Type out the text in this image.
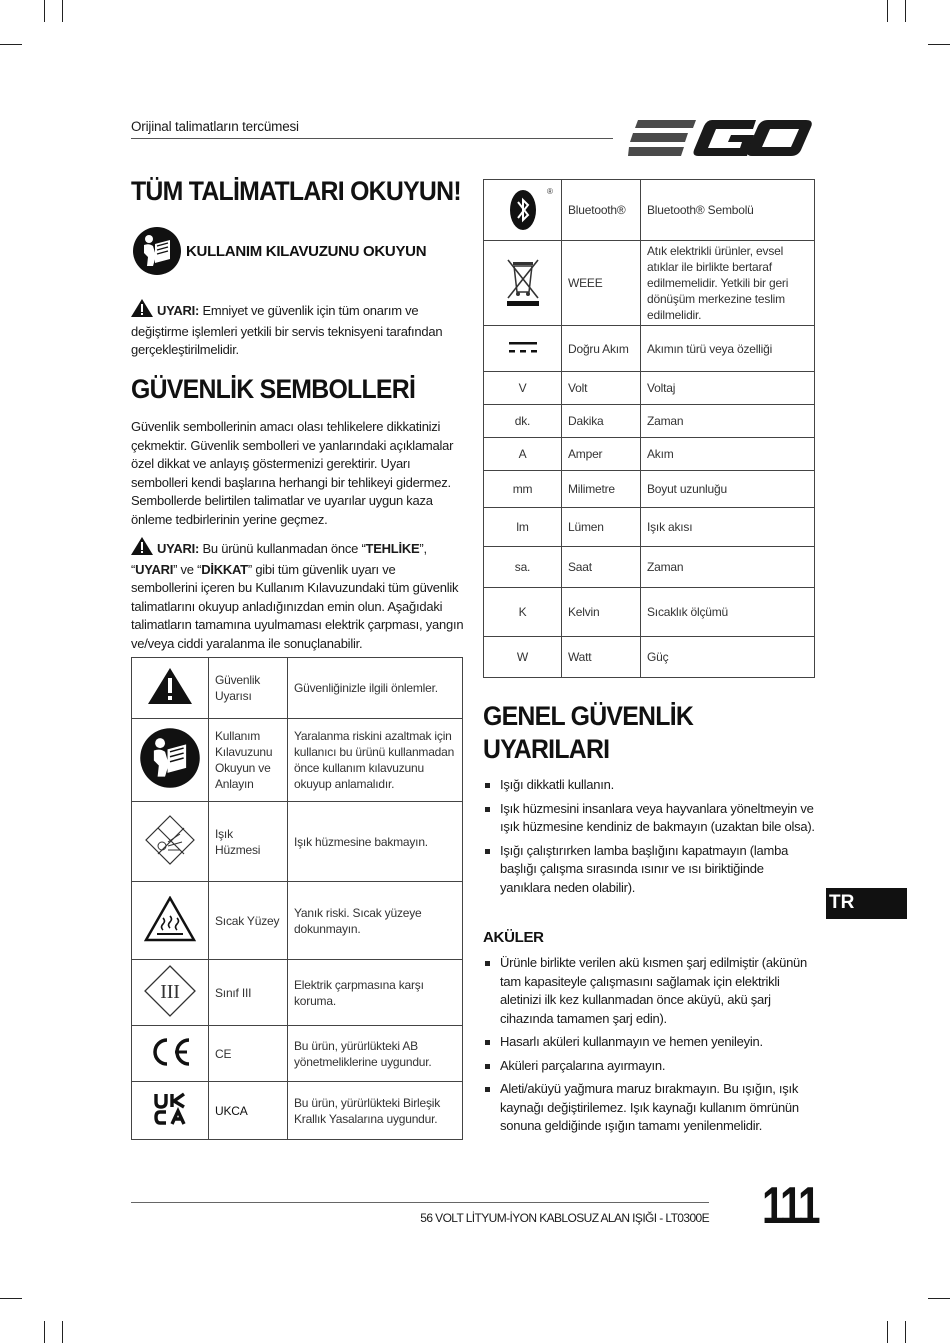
Orijinal talimatların tercümesi
TÜM TALİMATLARI OKUYUN!
KULLANIM KILAVUZUNU OKUYUN
UYARI: Emniyet ve güvenlik için tüm onarım ve değiştirme işlemleri yetkili bir servis teknisyeni tarafından gerçekleştirilmelidir.
GÜVENLİK SEMBOLLERİ
Güvenlik sembollerinin amacı olası tehlikelere dikkatinizi çekmektir. Güvenlik sembolleri ve yanlarındaki açıklamalar özel dikkat ve anlayış göstermenizi gerektirir. Uyarı sembolleri kendi başlarına herhangi bir tehlikeyi gidermez. Sembollerde belirtilen talimatlar ve uyarılar uygun kaza önleme tedbirlerinin yerine geçmez.
UYARI: Bu ürünü kullanmadan önce “TEHLİKE”, “UYARI” ve “DİKKAT” gibi tüm güvenlik uyarı ve sembollerini içeren bu Kullanım Kılavuzundaki tüm güvenlik talimatlarını okuyup anladığınızdan emin olun. Aşağıdaki talimatların tamamına uyulmaması elektrik çarpması, yangın ve/veya ciddi yaralanma ile sonuçlanabilir.
	Güvenlik Uyarısı	Güvenliğinizle ilgili önlemler.
	Kullanım Kılavuzunu Okuyun ve Anlayın	Yaralanma riskini azaltmak için kullanıcı bu ürünü kullanmadan önce kullanım kılavuzunu okuyup anlamalıdır.
	Işık Hüzmesi	Işık hüzmesine bakmayın.
	Sıcak Yüzey	Yanık riski. Sıcak yüzeye dokunmayın.

III	Sınıf III	Elektrik çarpmasına karşı koruma.
	CE	Bu ürün, yürürlükteki AB yönetmeliklerine uygundur.
	UKCA	Bu ürün, yürürlükteki Birleşik Krallık Yasalarına uygundur.
®	Bluetooth®	Bluetooth® Sembolü
	WEEE	Atık elektrikli ürünler, evsel atıklar ile birlikte bertaraf edilmemelidir. Yetkili bir geri dönüşüm merkezine teslim edilmelidir.
	Doğru Akım	Akımın türü veya özelliği
V	Volt	Voltaj
dk.	Dakika	Zaman
A	Amper	Akım
mm	Milimetre	Boyut uzunluğu
lm	Lümen	Işık akısı
sa.	Saat	Zaman
K	Kelvin	Sıcaklık ölçümü
W	Watt	Güç
GENEL GÜVENLİK
UYARILARI
Işığı dikkatli kullanın.
Işık hüzmesini insanlara veya hayvanlara yöneltmeyin ve ışık hüzmesine kendiniz de bakmayın (uzaktan bile olsa).
Işığı çalıştırırken lamba başlığını kapatmayın (lamba başlığı çalışma sırasında ısınır ve ısı biriktiğinde yanıklara neden olabilir).
AKÜLER
Ürünle birlikte verilen akü kısmen şarj edilmiştir (akünün tam kapasiteyle çalışmasını sağlamak için elektrikli aletinizi ilk kez kullanmadan önce aküyü, akü şarj cihazında tamamen şarj edin).
Hasarlı aküleri kullanmayın ve hemen yenileyin.
Aküleri parçalarına ayırmayın.
Aleti/aküyü yağmura maruz bırakmayın. Bu ışığın, ışık kaynağı değiştirilemez. Işık kaynağı kullanım ömrünün sonuna geldiğinde ışığın tamamı yenilenmelidir.
TR
56 VOLT LİTYUM-İYON KABLOSUZ ALAN IŞIĞI - LT0300E 111
